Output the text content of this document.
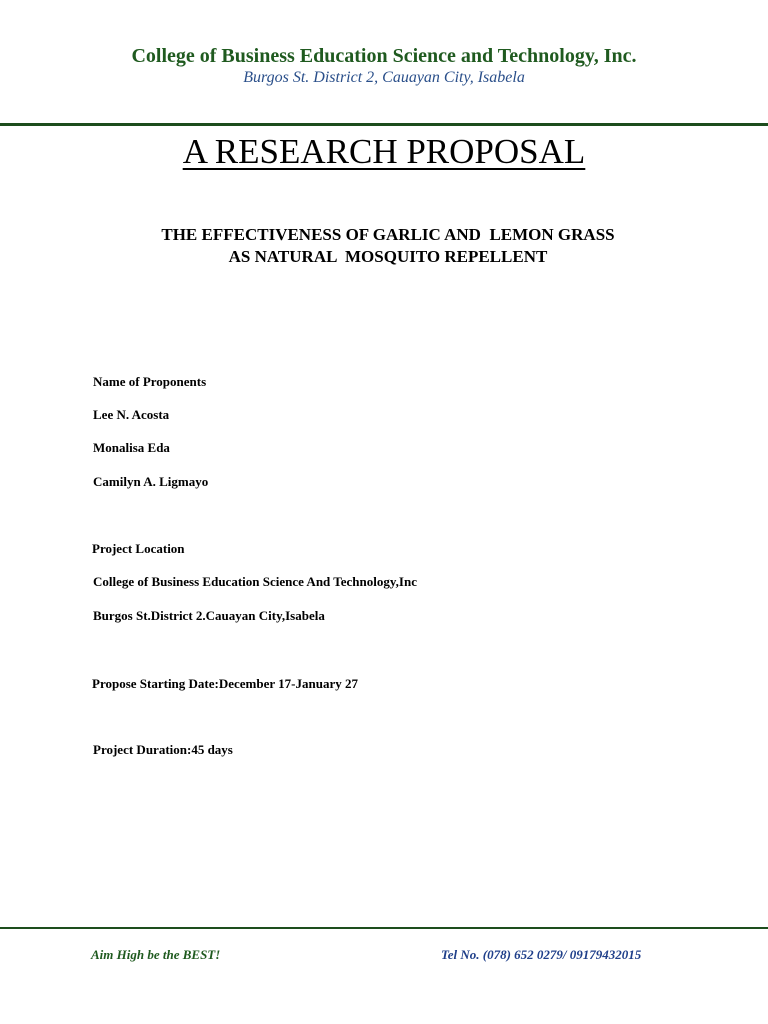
College of Business Education Science and Technology, Inc.
Burgos St. District 2, Cauayan City, Isabela
A RESEARCH PROPOSAL
THE EFFECTIVENESS OF GARLIC AND  LEMON GRASS
AS NATURAL  MOSQUITO REPELLENT
Name of Proponents
Lee N. Acosta
Monalisa Eda
Camilyn A. Ligmayo
Project Location
College of Business Education Science And Technology,Inc
Burgos St.District 2.Cauayan City,Isabela
Propose Starting Date:December 17-January 27
Project Duration:45 days
Aim High be the BEST!	Tel No. (078) 652 0279/ 09179432015
